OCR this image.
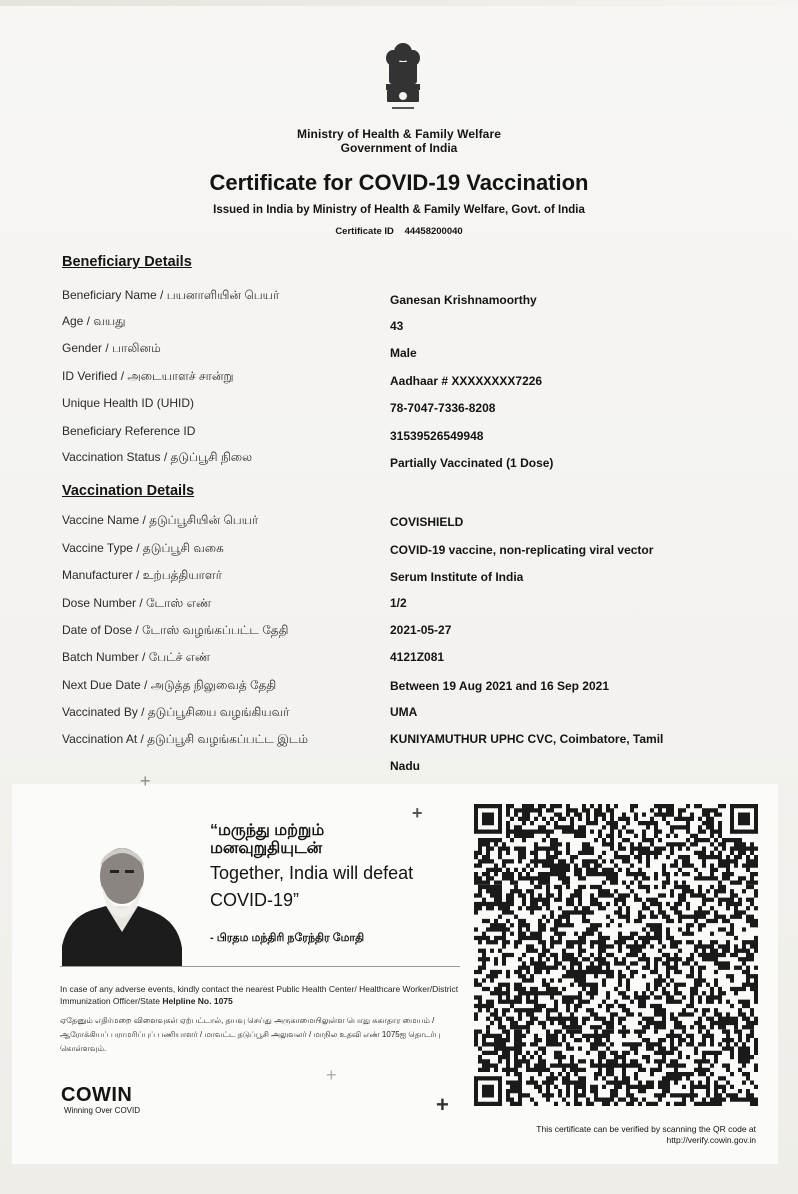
Ministry of Health & Family Welfare
Government of India
Certificate for COVID-19 Vaccination
Issued in India by Ministry of Health & Family Welfare, Govt. of India
Certificate ID 44458200040
Beneficiary Details
Beneficiary Name / பயனாளியின் பெயர்	Ganesan Krishnamoorthy
Age / வயது	43
Gender / பாலினம்	Male
ID Verified / அடையாளச் சான்று	Aadhaar # XXXXXXXX7226
Unique Health ID (UHID)	78-7047-7336-8208
Beneficiary Reference ID	31539526549948
Vaccination Status / தடுப்பூசி நிலை	Partially Vaccinated (1 Dose)
Vaccination Details
Vaccine Name / தடுப்பூசியின் பெயர்	COVISHIELD
Vaccine Type / தடுப்பூசி வகை	COVID-19 vaccine, non-replicating viral vector
Manufacturer / உற்பத்தியாளர்	Serum Institute of India
Dose Number / டோஸ் எண்	1/2
Date of Dose / டோஸ் வழங்கப்பட்ட தேதி	2021-05-27
Batch Number / பேட்ச் எண்	4121Z081
Next Due Date / அடுத்த நிலுவைத் தேதி	Between 19 Aug 2021 and 16 Sep 2021
Vaccinated By / தடுப்பூசியை வழங்கியவர்	UMA
Vaccination At / தடுப்பூசி வழங்கப்பட்ட இடம்	KUNIYAMUTHUR UPHC CVC, Coimbatore, Tamil Nadu
+
+
+
+
“மருந்து மற்றும்
மனவுறுதியுடன்
Together, India will defeat
COVID-19”
- பிரதம மந்திரி நரேந்திர மோதி
In case of any adverse events, kindly contact the nearest Public Health Center/ Healthcare Worker/District Immunization Officer/State Helpline No. 1075
ஏதேனும் எதிர்மறை விளைவுகள் ஏற்பட்டால், தயவு செய்து அருகாமையிலுள்ள பொது சுகாதார மையம் / ஆரோக்கியப் பராமரிப்புப் பணியாளர் / மாவட்ட தடுப்பூசி அலுவலர் / மாநில உதவி எண் 1075ஐ தொடர்பு கொள்ளவும்.
COWIN
Winning Over COVID
This certificate can be verified by scanning the QR code at
http://verify.cowin.gov.in
